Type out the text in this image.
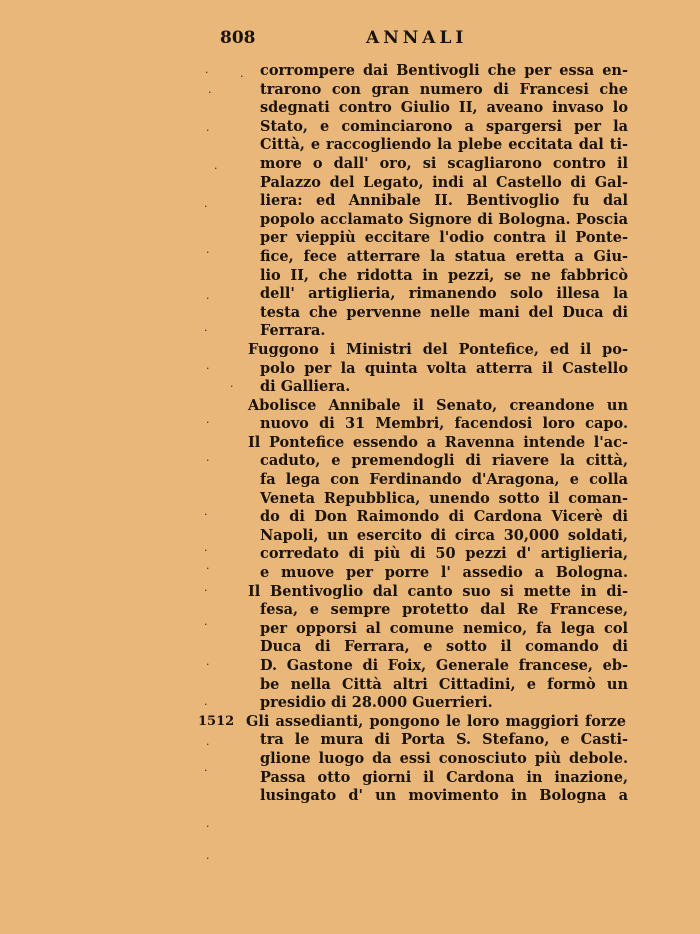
808	ANNALI
corrompere dai Bentivogli che per essa en-
trarono con gran numero di Francesi che
sdegnati contro Giulio II, aveano invaso lo
Stato, e cominciarono a spargersi per la
Città, e raccogliendo la plebe eccitata dal ti-
more o dall' oro, si scagliarono contro il
Palazzo del Legato, indi al Castello di Gal-
liera: ed Annibale II. Bentivoglio fu dal
popolo acclamato Signore di Bologna. Poscia
per vieppiù eccitare l'odio contra il Ponte-
fice, fece atterrare la statua eretta a Giu-
lio II, che ridotta in pezzi, se ne fabbricò
dell' artiglieria, rimanendo solo illesa la
testa che pervenne nelle mani del Duca di
Ferrara.
Fuggono i Ministri del Pontefice, ed il po-
polo per la quinta volta atterra il Castello
di Galliera.
Abolisce Annibale il Senato, creandone un
nuovo di 31 Membri, facendosi loro capo.
Il Pontefice essendo a Ravenna intende l'ac-
caduto, e premendogli di riavere la città,
fa lega con Ferdinando d'Aragona, e colla
Veneta Repubblica, unendo sotto il coman-
do di Don Raimondo di Cardona Vicerè di
Napoli, un esercito di circa 30,000 soldati,
corredato di più di 50 pezzi d' artiglieria,
e muove per porre l' assedio a Bologna.
Il Bentivoglio dal canto suo si mette in di-
fesa, e sempre protetto dal Re Francese,
per opporsi al comune nemico, fa lega col
Duca di Ferrara, e sotto il comando di
D. Gastone di Foix, Generale francese, eb-
be nella Città altri Cittadini, e formò un
presidio di 28.000 Guerrieri.
1512 Gli assedianti, pongono le loro maggiori forze
tra le mura di Porta S. Stefano, e Casti-
glione luogo da essi conosciuto più debole.
Passa otto giorni il Cardona in inazione,
lusingato d' un movimento in Bologna a
·	·
·
·
·
·
·
·
·
·
·
·
·
·
·
·
·
·
·
·
·
·
·
·
